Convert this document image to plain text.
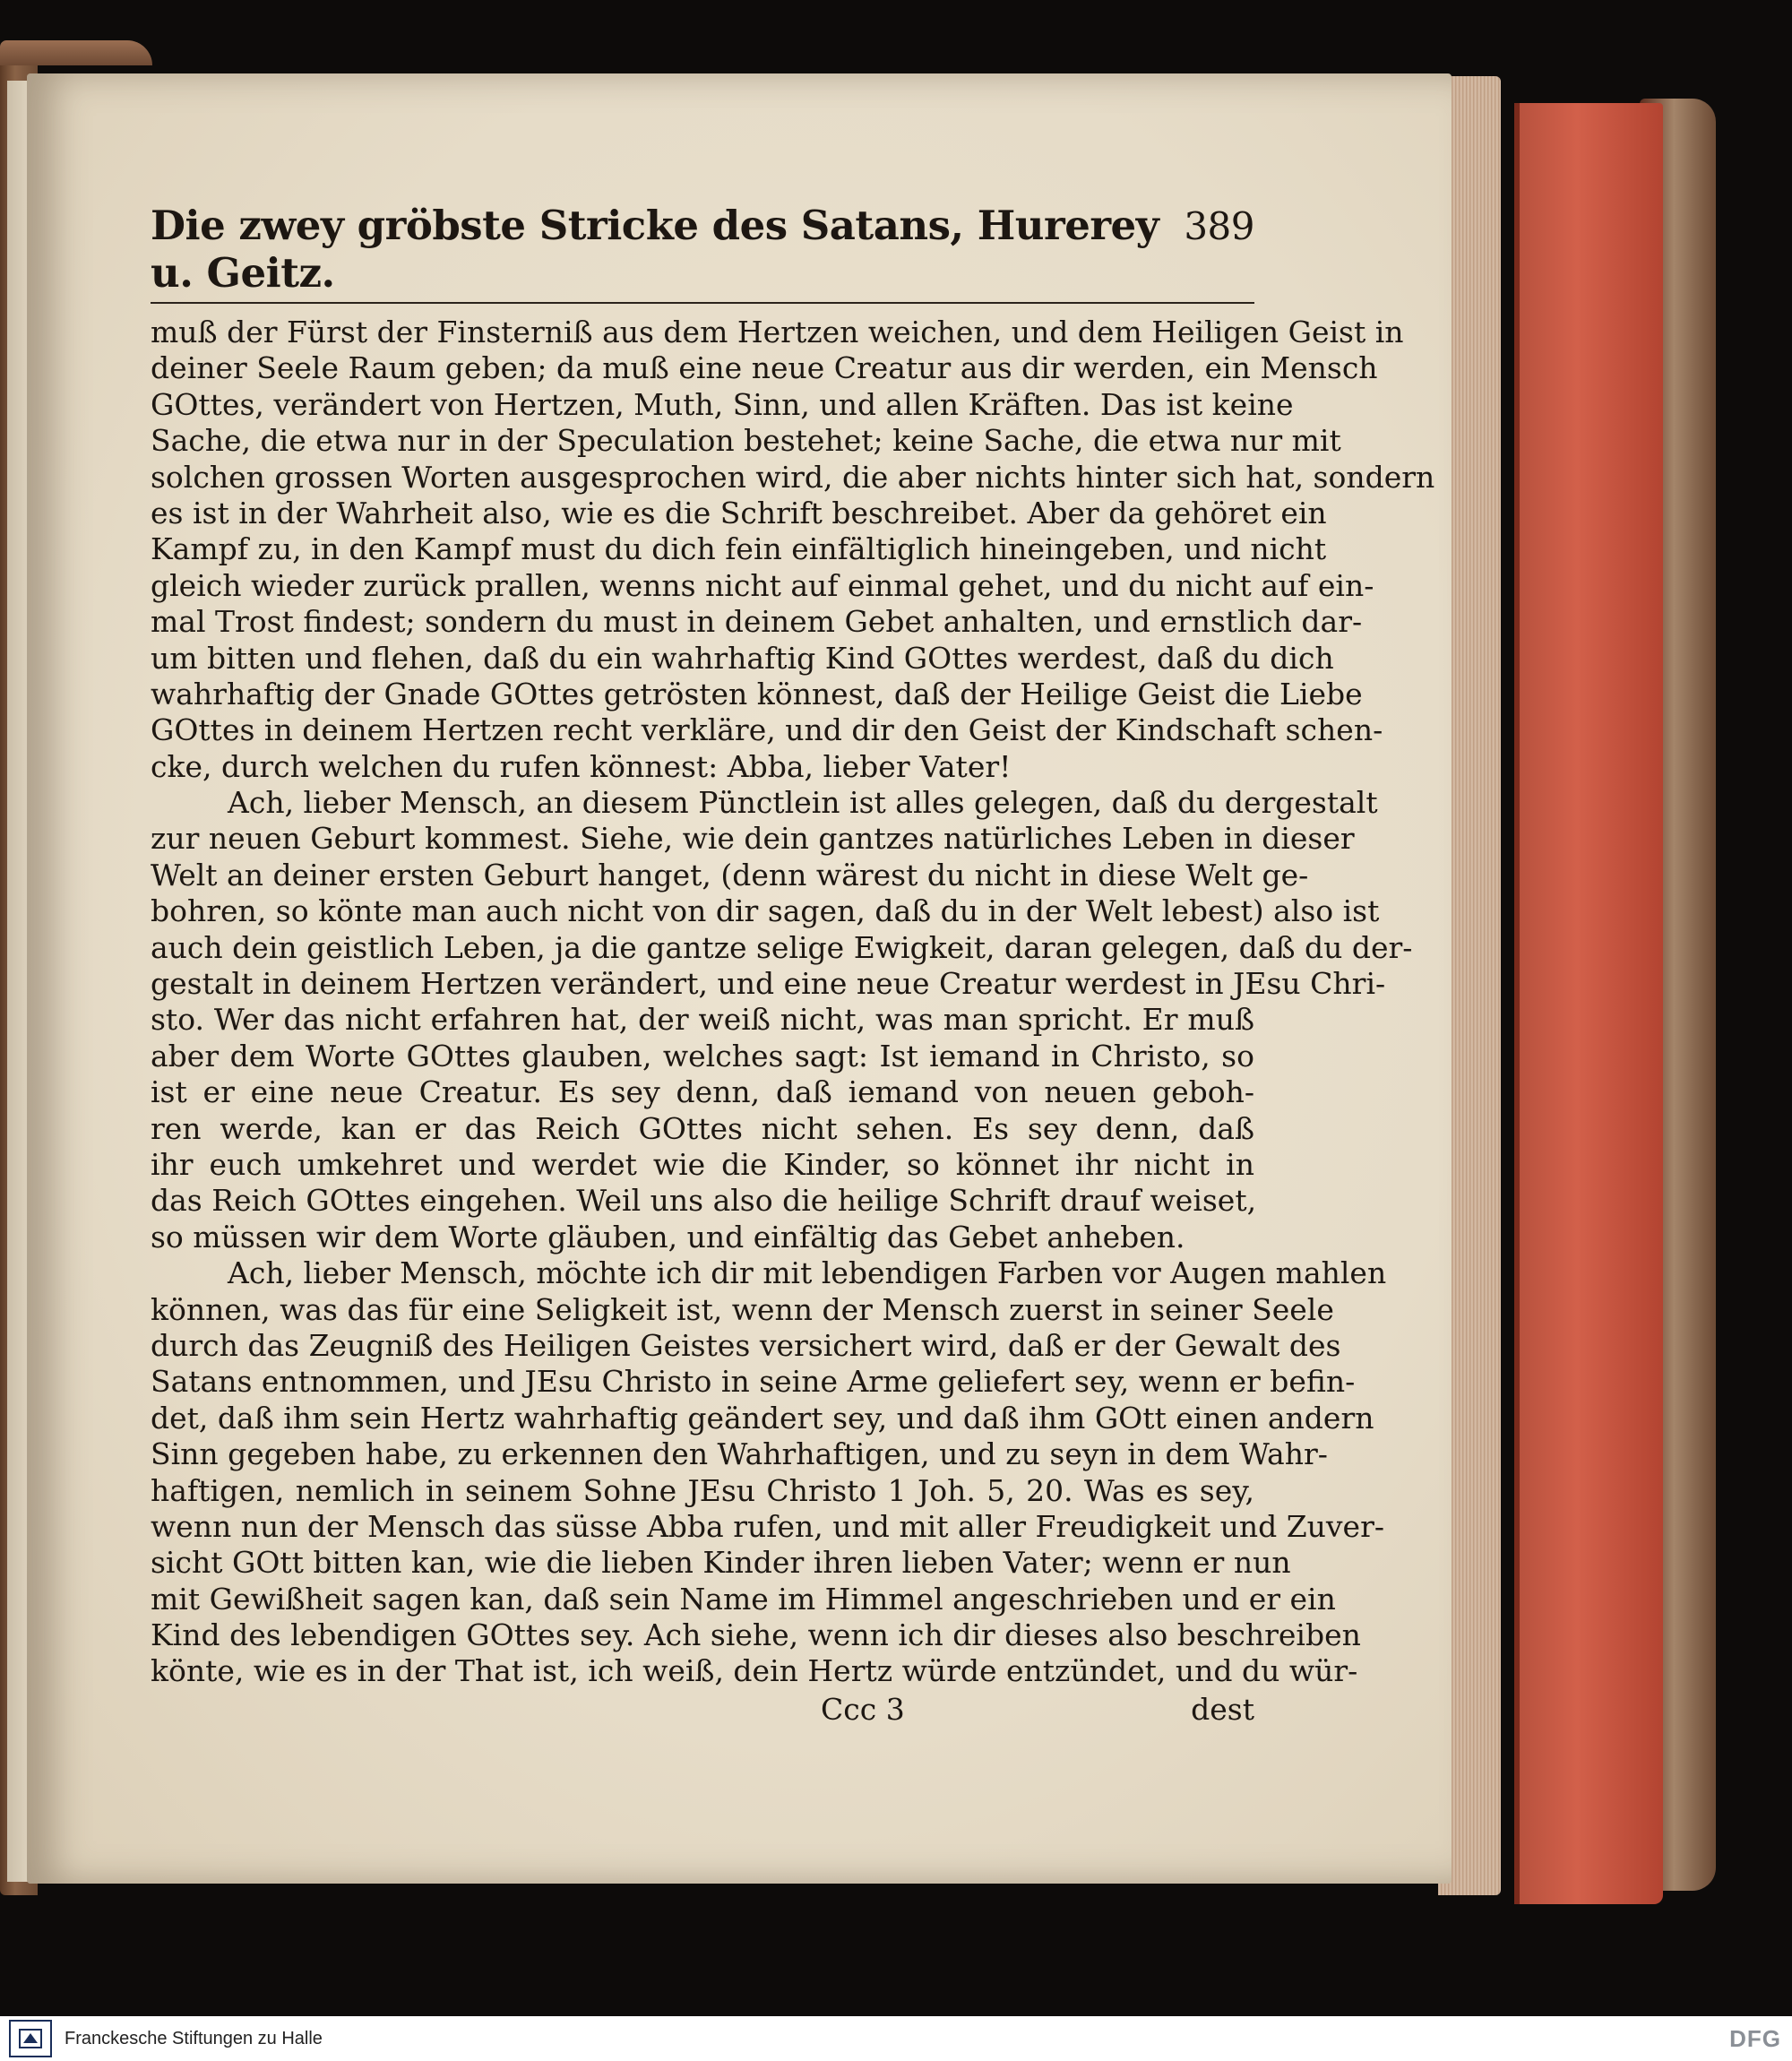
Die zwey gröbste Stricke des Satans, Hurerey u. Geitz.
389
muß der Fürst der Finsterniß aus dem Hertzen weichen, und dem Heiligen Geist in
deiner Seele Raum geben; da muß eine neue Creatur aus dir werden, ein Mensch
GOttes, verändert von Hertzen, Muth, Sinn, und allen Kräften. Das ist keine
Sache, die etwa nur in der Speculation bestehet; keine Sache, die etwa nur mit
solchen grossen Worten ausgesprochen wird, die aber nichts hinter sich hat, sondern
es ist in der Wahrheit also, wie es die Schrift beschreibet. Aber da gehöret ein
Kampf zu, in den Kampf must du dich fein einfältiglich hineingeben, und nicht
gleich wieder zurück prallen, wenns nicht auf einmal gehet, und du nicht auf ein-
mal Trost findest; sondern du must in deinem Gebet anhalten, und ernstlich dar-
um bitten und flehen, daß du ein wahrhaftig Kind GOttes werdest, daß du dich
wahrhaftig der Gnade GOttes getrösten könnest, daß der Heilige Geist die Liebe
GOttes in deinem Hertzen recht verkläre, und dir den Geist der Kindschaft schen-
cke, durch welchen du rufen könnest: Abba, lieber Vater!
Ach, lieber Mensch, an diesem Pünctlein ist alles gelegen, daß du dergestalt
zur neuen Geburt kommest. Siehe, wie dein gantzes natürliches Leben in dieser
Welt an deiner ersten Geburt hanget, (denn wärest du nicht in diese Welt ge-
bohren, so könte man auch nicht von dir sagen, daß du in der Welt lebest) also ist
auch dein geistlich Leben, ja die gantze selige Ewigkeit, daran gelegen, daß du der-
gestalt in deinem Hertzen verändert, und eine neue Creatur werdest in JEsu Chri-
sto. Wer das nicht erfahren hat, der weiß nicht, was man spricht. Er muß
aber dem Worte GOttes glauben, welches sagt: Ist iemand in Christo, so
ist er eine neue Creatur. Es sey denn, daß iemand von neuen geboh-
ren werde, kan er das Reich GOttes nicht sehen. Es sey denn, daß
ihr euch umkehret und werdet wie die Kinder, so könnet ihr nicht in
das Reich GOttes eingehen. Weil uns also die heilige Schrift drauf weiset,
so müssen wir dem Worte gläuben, und einfältig das Gebet anheben.
Ach, lieber Mensch, möchte ich dir mit lebendigen Farben vor Augen mahlen
können, was das für eine Seligkeit ist, wenn der Mensch zuerst in seiner Seele
durch das Zeugniß des Heiligen Geistes versichert wird, daß er der Gewalt des
Satans entnommen, und JEsu Christo in seine Arme geliefert sey, wenn er befin-
det, daß ihm sein Hertz wahrhaftig geändert sey, und daß ihm GOtt einen andern
Sinn gegeben habe, zu erkennen den Wahrhaftigen, und zu seyn in dem Wahr-
haftigen, nemlich in seinem Sohne JEsu Christo 1 Joh. 5, 20. Was es sey,
wenn nun der Mensch das süsse Abba rufen, und mit aller Freudigkeit und Zuver-
sicht GOtt bitten kan, wie die lieben Kinder ihren lieben Vater; wenn er nun
mit Gewißheit sagen kan, daß sein Name im Himmel angeschrieben und er ein
Kind des lebendigen GOttes sey. Ach siehe, wenn ich dir dieses also beschreiben
könte, wie es in der That ist, ich weiß, dein Hertz würde entzündet, und du wür-
Ccc 3	dest
Franckesche Stiftungen zu Halle	DFG
